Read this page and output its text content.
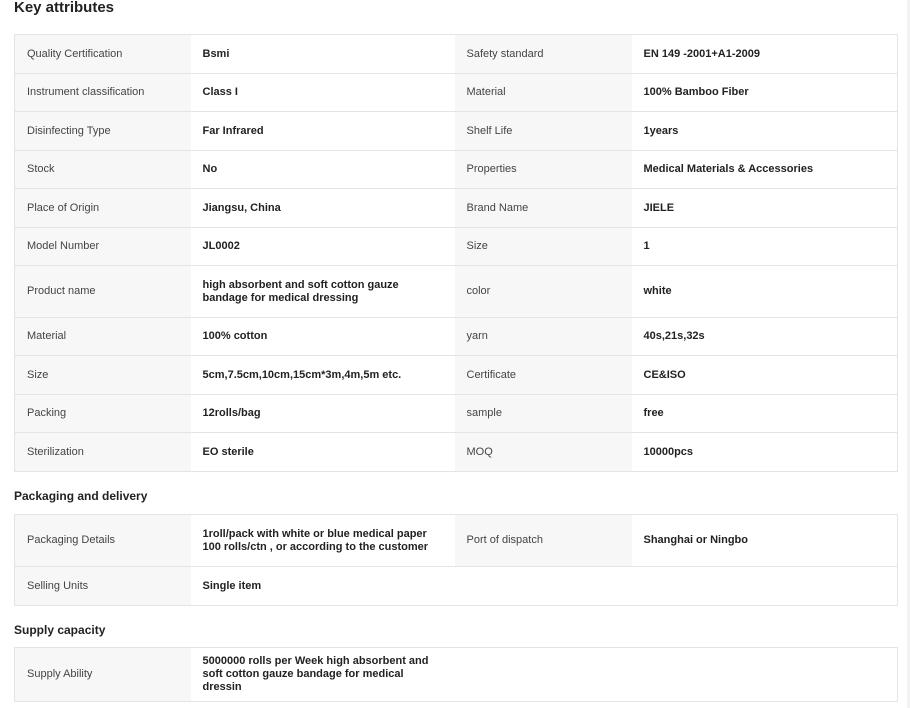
Key attributes
Quality Certification	Bsmi	Safety standard	EN 149 -2001+A1-2009
Instrument classification	Class I	Material	100% Bamboo Fiber
Disinfecting Type	Far Infrared	Shelf Life	1years
Stock	No	Properties	Medical Materials & Accessories
Place of Origin	Jiangsu, China	Brand Name	JIELE
Model Number	JL0002	Size	1
Product name	high absorbent and soft cotton gauze bandage for medical dressing	color	white
Material	100% cotton	yarn	40s,21s,32s
Size	5cm,7.5cm,10cm,15cm*3m,4m,5m etc.	Certificate	CE&ISO
Packing	12rolls/bag	sample	free
Sterilization	EO sterile	MOQ	10000pcs
Packaging and delivery
Packaging Details	1roll/pack with white or blue medical paper 100 rolls/ctn , or according to the customer	Port of dispatch	Shanghai or Ningbo
Selling Units	Single item		
Supply capacity
Supply Ability	5000000 rolls per Week high absorbent and soft cotton gauze bandage for medical dressin		
